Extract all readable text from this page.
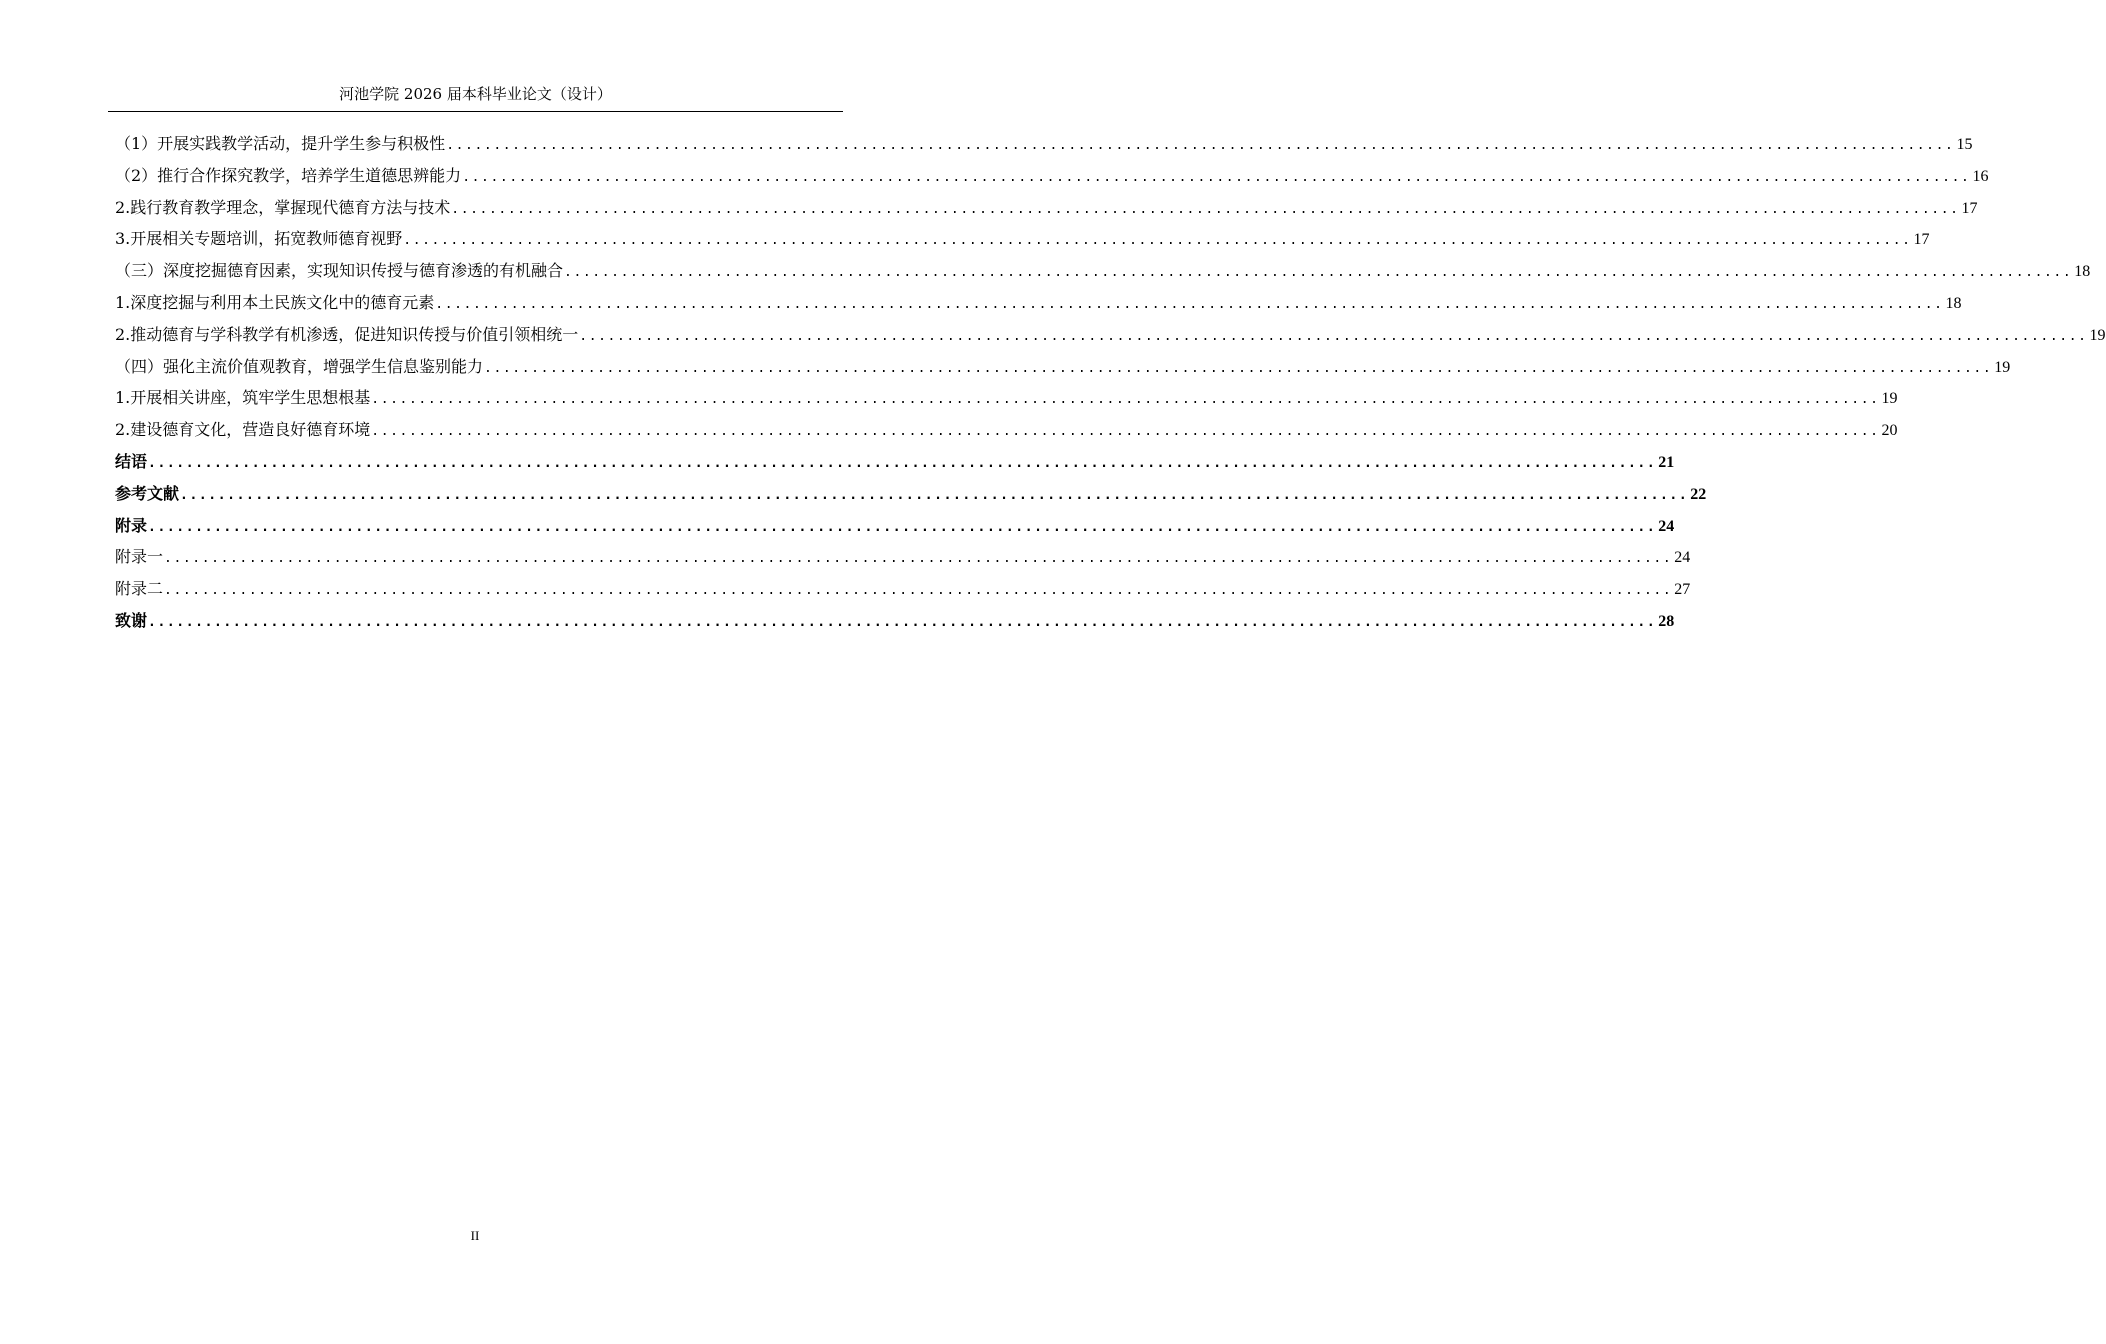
河池学院 2026 届本科毕业论文（设计）
（1）开展实践教学活动，提升学生参与积极性 ................................................................................................................................................................ 15
（2）推行合作探究教学，培养学生道德思辨能力 ................................................................................................................................................................ 16
2.践行教育教学理念，掌握现代德育方法与技术 ................................................................................................................................................................ 17
3.开展相关专题培训，拓宽教师德育视野 ................................................................................................................................................................ 17
（三）深度挖掘德育因素，实现知识传授与德育渗透的有机融合 ................................................................................................................................................................ 18
1.深度挖掘与利用本土民族文化中的德育元素 ................................................................................................................................................................ 18
2.推动德育与学科教学有机渗透，促进知识传授与价值引领相统一 ................................................................................................................................................................ 19
（四）强化主流价值观教育，增强学生信息鉴别能力 ................................................................................................................................................................ 19
1.开展相关讲座，筑牢学生思想根基 ................................................................................................................................................................ 19
2.建设德育文化，营造良好德育环境 ................................................................................................................................................................ 20
结语 ................................................................................................................................................................ 21
参考文献 ................................................................................................................................................................ 22
附录 ................................................................................................................................................................ 24
附录一 ................................................................................................................................................................ 24
附录二 ................................................................................................................................................................ 27
致谢 ................................................................................................................................................................ 28
II
